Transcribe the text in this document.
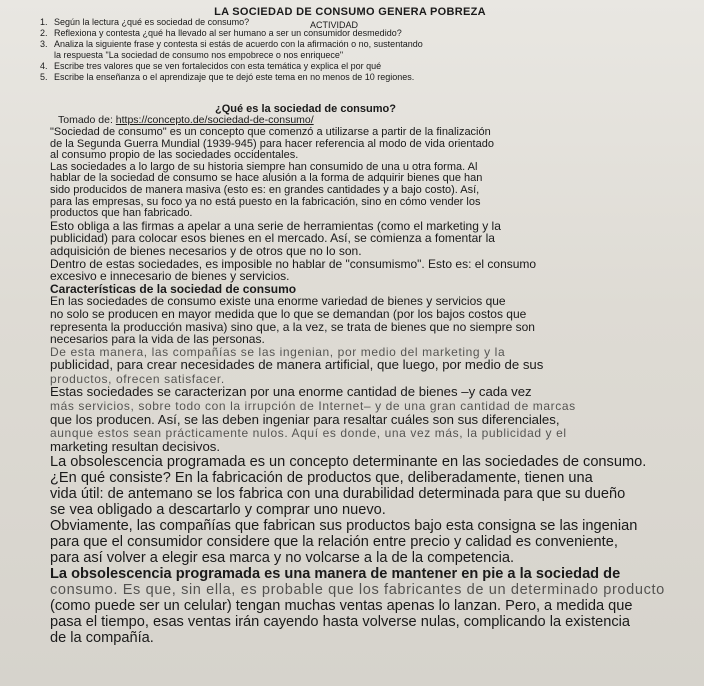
LA SOCIEDAD DE CONSUMO GENERA POBREZA
ACTIVIDAD
1. Según la lectura ¿qué es sociedad de consumo?
2. Reflexiona y contesta ¿qué ha llevado al ser humano a ser un consumidor desmedido?
3. Analiza la siguiente frase y contesta si estás de acuerdo con la afirmación o no, sustentando
la respuesta "La sociedad de consumo nos empobrece o nos enriquece"
4. Escribe tres valores que se ven fortalecidos con esta temática y explica el por qué
5. Escribe la enseñanza o el aprendizaje que te dejó este tema en no menos de 10 regiones.
¿Qué es la sociedad de consumo?
Tomado de: https://concepto.de/sociedad-de-consumo/

"Sociedad de consumo" es un concepto que comenzó a utilizarse a partir de la finalización

de la Segunda Guerra Mundial (1939-945) para hacer referencia al modo de vida orientado

al consumo propio de las sociedades occidentales.

Las sociedades a lo largo de su historia siempre han consumido de una u otra forma. Al

hablar de la sociedad de consumo se hace alusión a la forma de adquirir bienes que han

sido producidos de manera masiva (esto es: en grandes cantidades y a bajo costo). Así,

para las empresas, su foco ya no está puesto en la fabricación, sino en cómo vender los

productos que han fabricado.

Esto obliga a las firmas a apelar a una serie de herramientas (como el marketing y la

publicidad) para colocar esos bienes en el mercado. Así, se comienza a fomentar la

adquisición de bienes necesarios y de otros que no lo son.

Dentro de estas sociedades, es imposible no hablar de "consumismo". Esto es: el consumo

excesivo e innecesario de bienes y servicios.

Características de la sociedad de consumo

En las sociedades de consumo existe una enorme variedad de bienes y servicios que

no solo se producen en mayor medida que lo que se demandan (por los bajos costos que

representa la producción masiva) sino que, a la vez, se trata de bienes que no siempre son

necesarios para la vida de las personas.

De esta manera, las compañías se las ingenian, por medio del marketing y la

publicidad, para crear necesidades de manera artificial, que luego, por medio de sus

productos, ofrecen satisfacer.

Estas sociedades se caracterizan por una enorme cantidad de bienes –y cada vez

más servicios, sobre todo con la irrupción de Internet– y de una gran cantidad de marcas

que los producen. Así, se las deben ingeniar para resaltar cuáles son sus diferenciales,

aunque estos sean prácticamente nulos. Aquí es donde, una vez más, la publicidad y el

marketing resultan decisivos.

La obsolescencia programada es un concepto determinante en las sociedades de consumo.

¿En qué consiste? En la fabricación de productos que, deliberadamente, tienen una

vida útil: de antemano se los fabrica con una durabilidad determinada para que su dueño

se vea obligado a descartarlo y comprar uno nuevo.

Obviamente, las compañías que fabrican sus productos bajo esta consigna se las ingenian

para que el consumidor considere que la relación entre precio y calidad es conveniente,

para así volver a elegir esa marca y no volcarse a la de la competencia.

La obsolescencia programada es una manera de mantener en pie a la sociedad de

consumo. Es que, sin ella, es probable que los fabricantes de un determinado producto

(como puede ser un celular) tengan muchas ventas apenas lo lanzan. Pero, a medida que

pasa el tiempo, esas ventas irán cayendo hasta volverse nulas, complicando la existencia

de la compañía.
